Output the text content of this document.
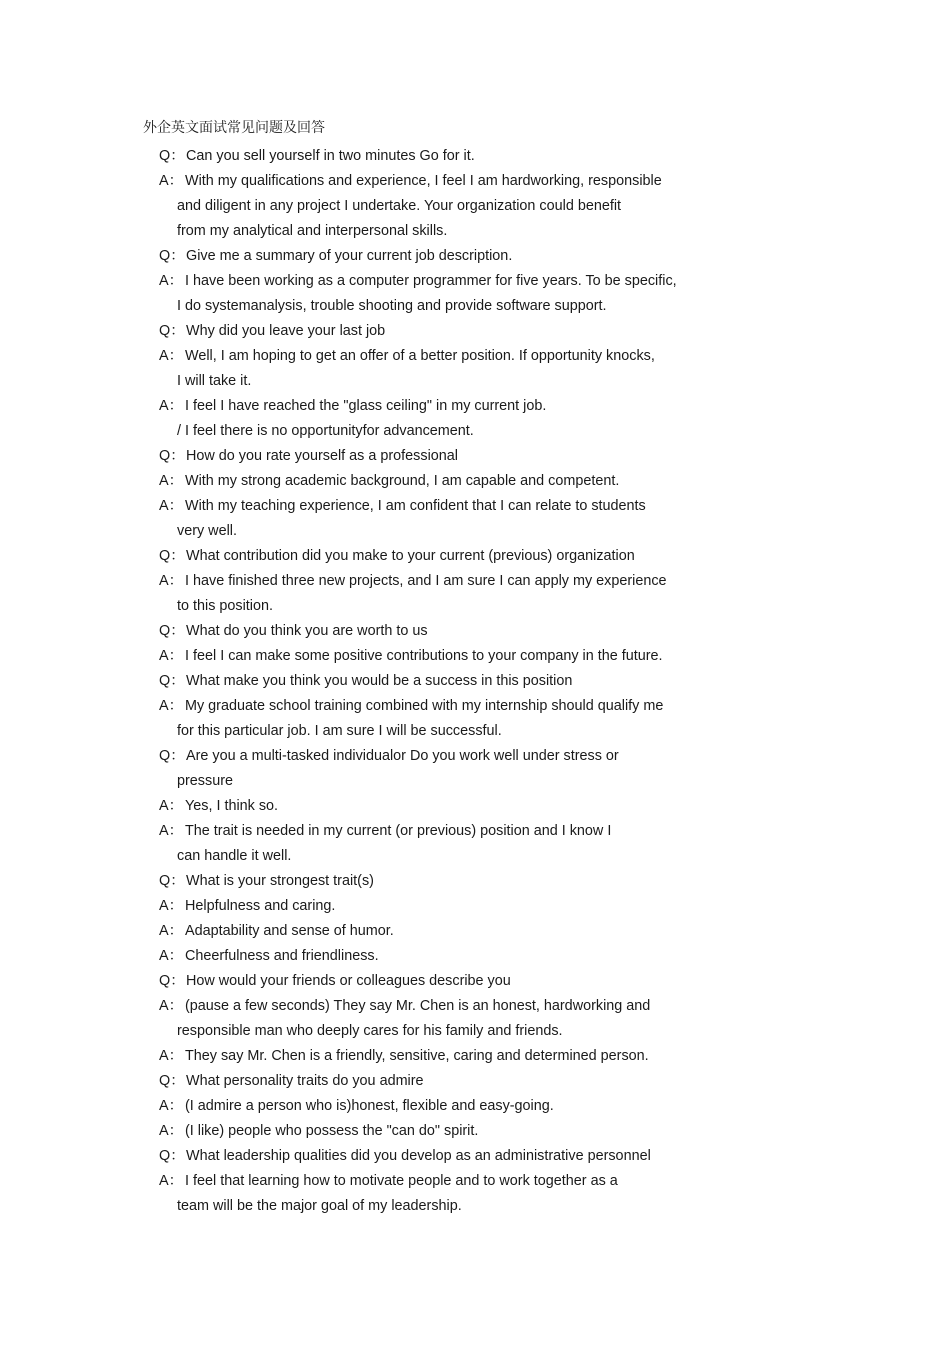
外企英文面试常见问题及回答
Q： Can you sell yourself in two minutes Go for it.
A： With my qualifications and experience, I feel I am hardworking, responsible
and diligent in any project I undertake. Your organization could benefit
from my analytical and interpersonal skills.
Q： Give me a summary of your current job description.
A： I have been working as a computer programmer for five years. To be specific,
I do systemanalysis, trouble shooting and provide software support.
Q： Why did you leave your last job
A： Well, I am hoping to get an offer of a better position. If opportunity knocks,
I will take it.
A： I feel I have reached the "glass ceiling" in my current job.
/ I feel there is no opportunityfor advancement.
Q： How do you rate yourself as a professional
A： With my strong academic background, I am capable and competent.
A： With my teaching experience, I am confident that I can relate to students
very well.
Q： What contribution did you make to your current (previous) organization
A： I have finished three new projects, and I am sure I can apply my experience
to this position.
Q： What do you think you are worth to us
A： I feel I can make some positive contributions to your company in the future.
Q： What make you think you would be a success in this position
A： My graduate school training combined with my internship should qualify me
for this particular job. I am sure I will be successful.
Q： Are you a multi-tasked individualor Do you work well under stress or
pressure
A： Yes, I think so.
A： The trait is needed in my current (or previous) position and I know I
can handle it well.
Q： What is your strongest trait(s)
A： Helpfulness and caring.
A： Adaptability and sense of humor.
A： Cheerfulness and friendliness.
Q： How would your friends or colleagues describe you
A： (pause a few seconds) They say Mr. Chen is an honest, hardworking and
responsible man who deeply cares for his family and friends.
A： They say Mr. Chen is a friendly, sensitive, caring and determined person.
Q： What personality traits do you admire
A： (I admire a person who is)honest, flexible and easy-going.
A： (I like) people who possess the "can do" spirit.
Q： What leadership qualities did you develop as an administrative personnel
A： I feel that learning how to motivate people and to work together as a
team will be the major goal of my leadership.
